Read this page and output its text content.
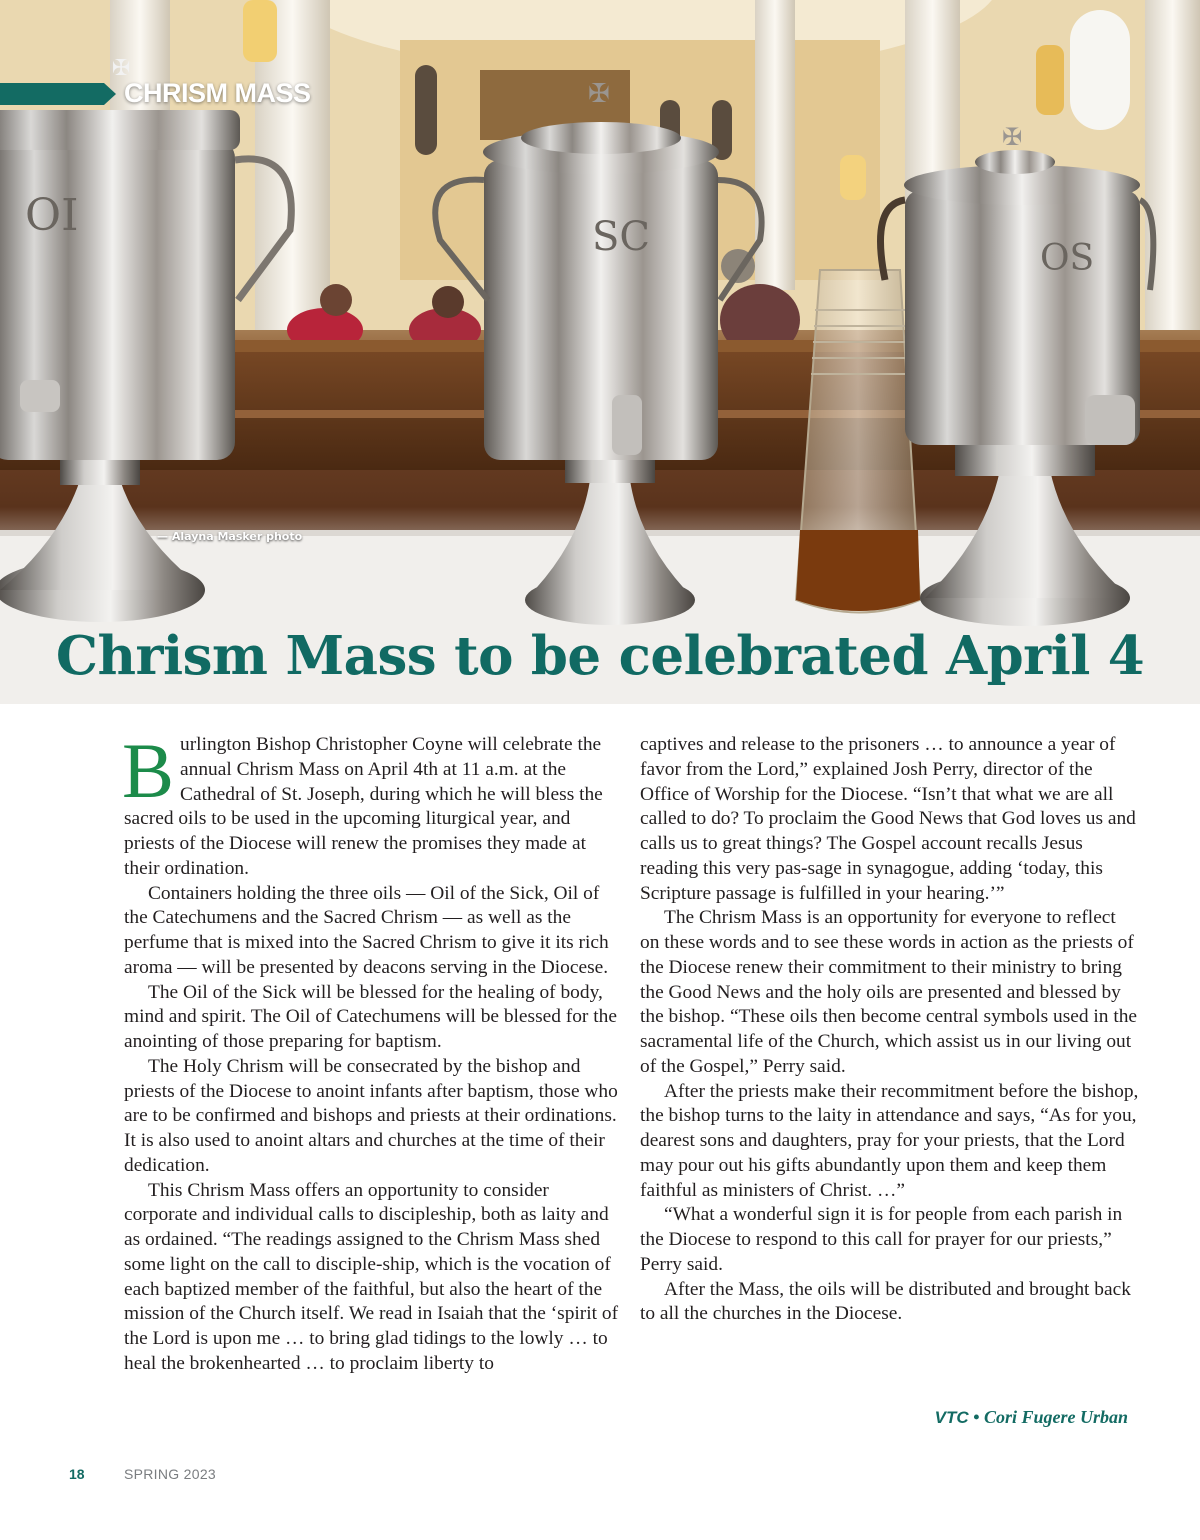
OI
✠
SC
✠
OS
✠
CHRISM MASS
— Alayna Masker photo
Chrism Mass to be celebrated April 4

Burlington Bishop Christopher Coyne will celebrate the annual Chrism Mass on April 4th at 11 a.m. at the Cathedral of St. Joseph, during which he will bless the sacred oils to be used in the upcoming liturgical year, and priests of the Diocese will renew the promises they made at their ordination.

Containers holding the three oils — Oil of the Sick, Oil of the Catechumens and the Sacred Chrism — as well as the perfume that is mixed into the Sacred Chrism to give it its rich aroma — will be presented by deacons serving in the Diocese.

The Oil of the Sick will be blessed for the healing of body, mind and spirit. The Oil of Catechumens will be blessed for the anointing of those preparing for baptism.

The Holy Chrism will be consecrated by the bishop and priests of the Diocese to anoint infants after baptism, those who are to be confirmed and bishops and priests at their ordinations. It is also used to anoint altars and churches at the time of their dedication.

This Chrism Mass offers an opportunity to consider corporate and individual calls to discipleship, both as laity and as ordained. “The readings assigned to the Chrism Mass shed some light on the call to disciple-ship, which is the vocation of each baptized member of the faithful, but also the heart of the mission of the Church itself. We read in Isaiah that the ‘spirit of the Lord is upon me … to bring glad tidings to the lowly … to heal the brokenhearted … to proclaim liberty to

captives and release to the prisoners … to announce a year of favor from the Lord,” explained Josh Perry, director of the Office of Worship for the Diocese. “Isn’t that what we are all called to do? To proclaim the Good News that God loves us and calls us to great things? The Gospel account recalls Jesus reading this very pas-sage in synagogue, adding ‘today, this Scripture passage is fulfilled in your hearing.’”

The Chrism Mass is an opportunity for everyone to reflect on these words and to see these words in action as the priests of the Diocese renew their commitment to their ministry to bring the Good News and the holy oils are presented and blessed by the bishop. “These oils then become central symbols used in the sacramental life of the Church, which assist us in our living out of the Gospel,” Perry said.

After the priests make their recommitment before the bishop, the bishop turns to the laity in attendance and says, “As for you, dearest sons and daughters, pray for your priests, that the Lord may pour out his gifts abundantly upon them and keep them faithful as ministers of Christ. …”

“What a wonderful sign it is for people from each parish in the Diocese to respond to this call for prayer for our priests,” Perry said.

After the Mass, the oils will be distributed and brought back to all the churches in the Diocese.

VTC • Cori Fugere Urban
18	SPRING 2023
